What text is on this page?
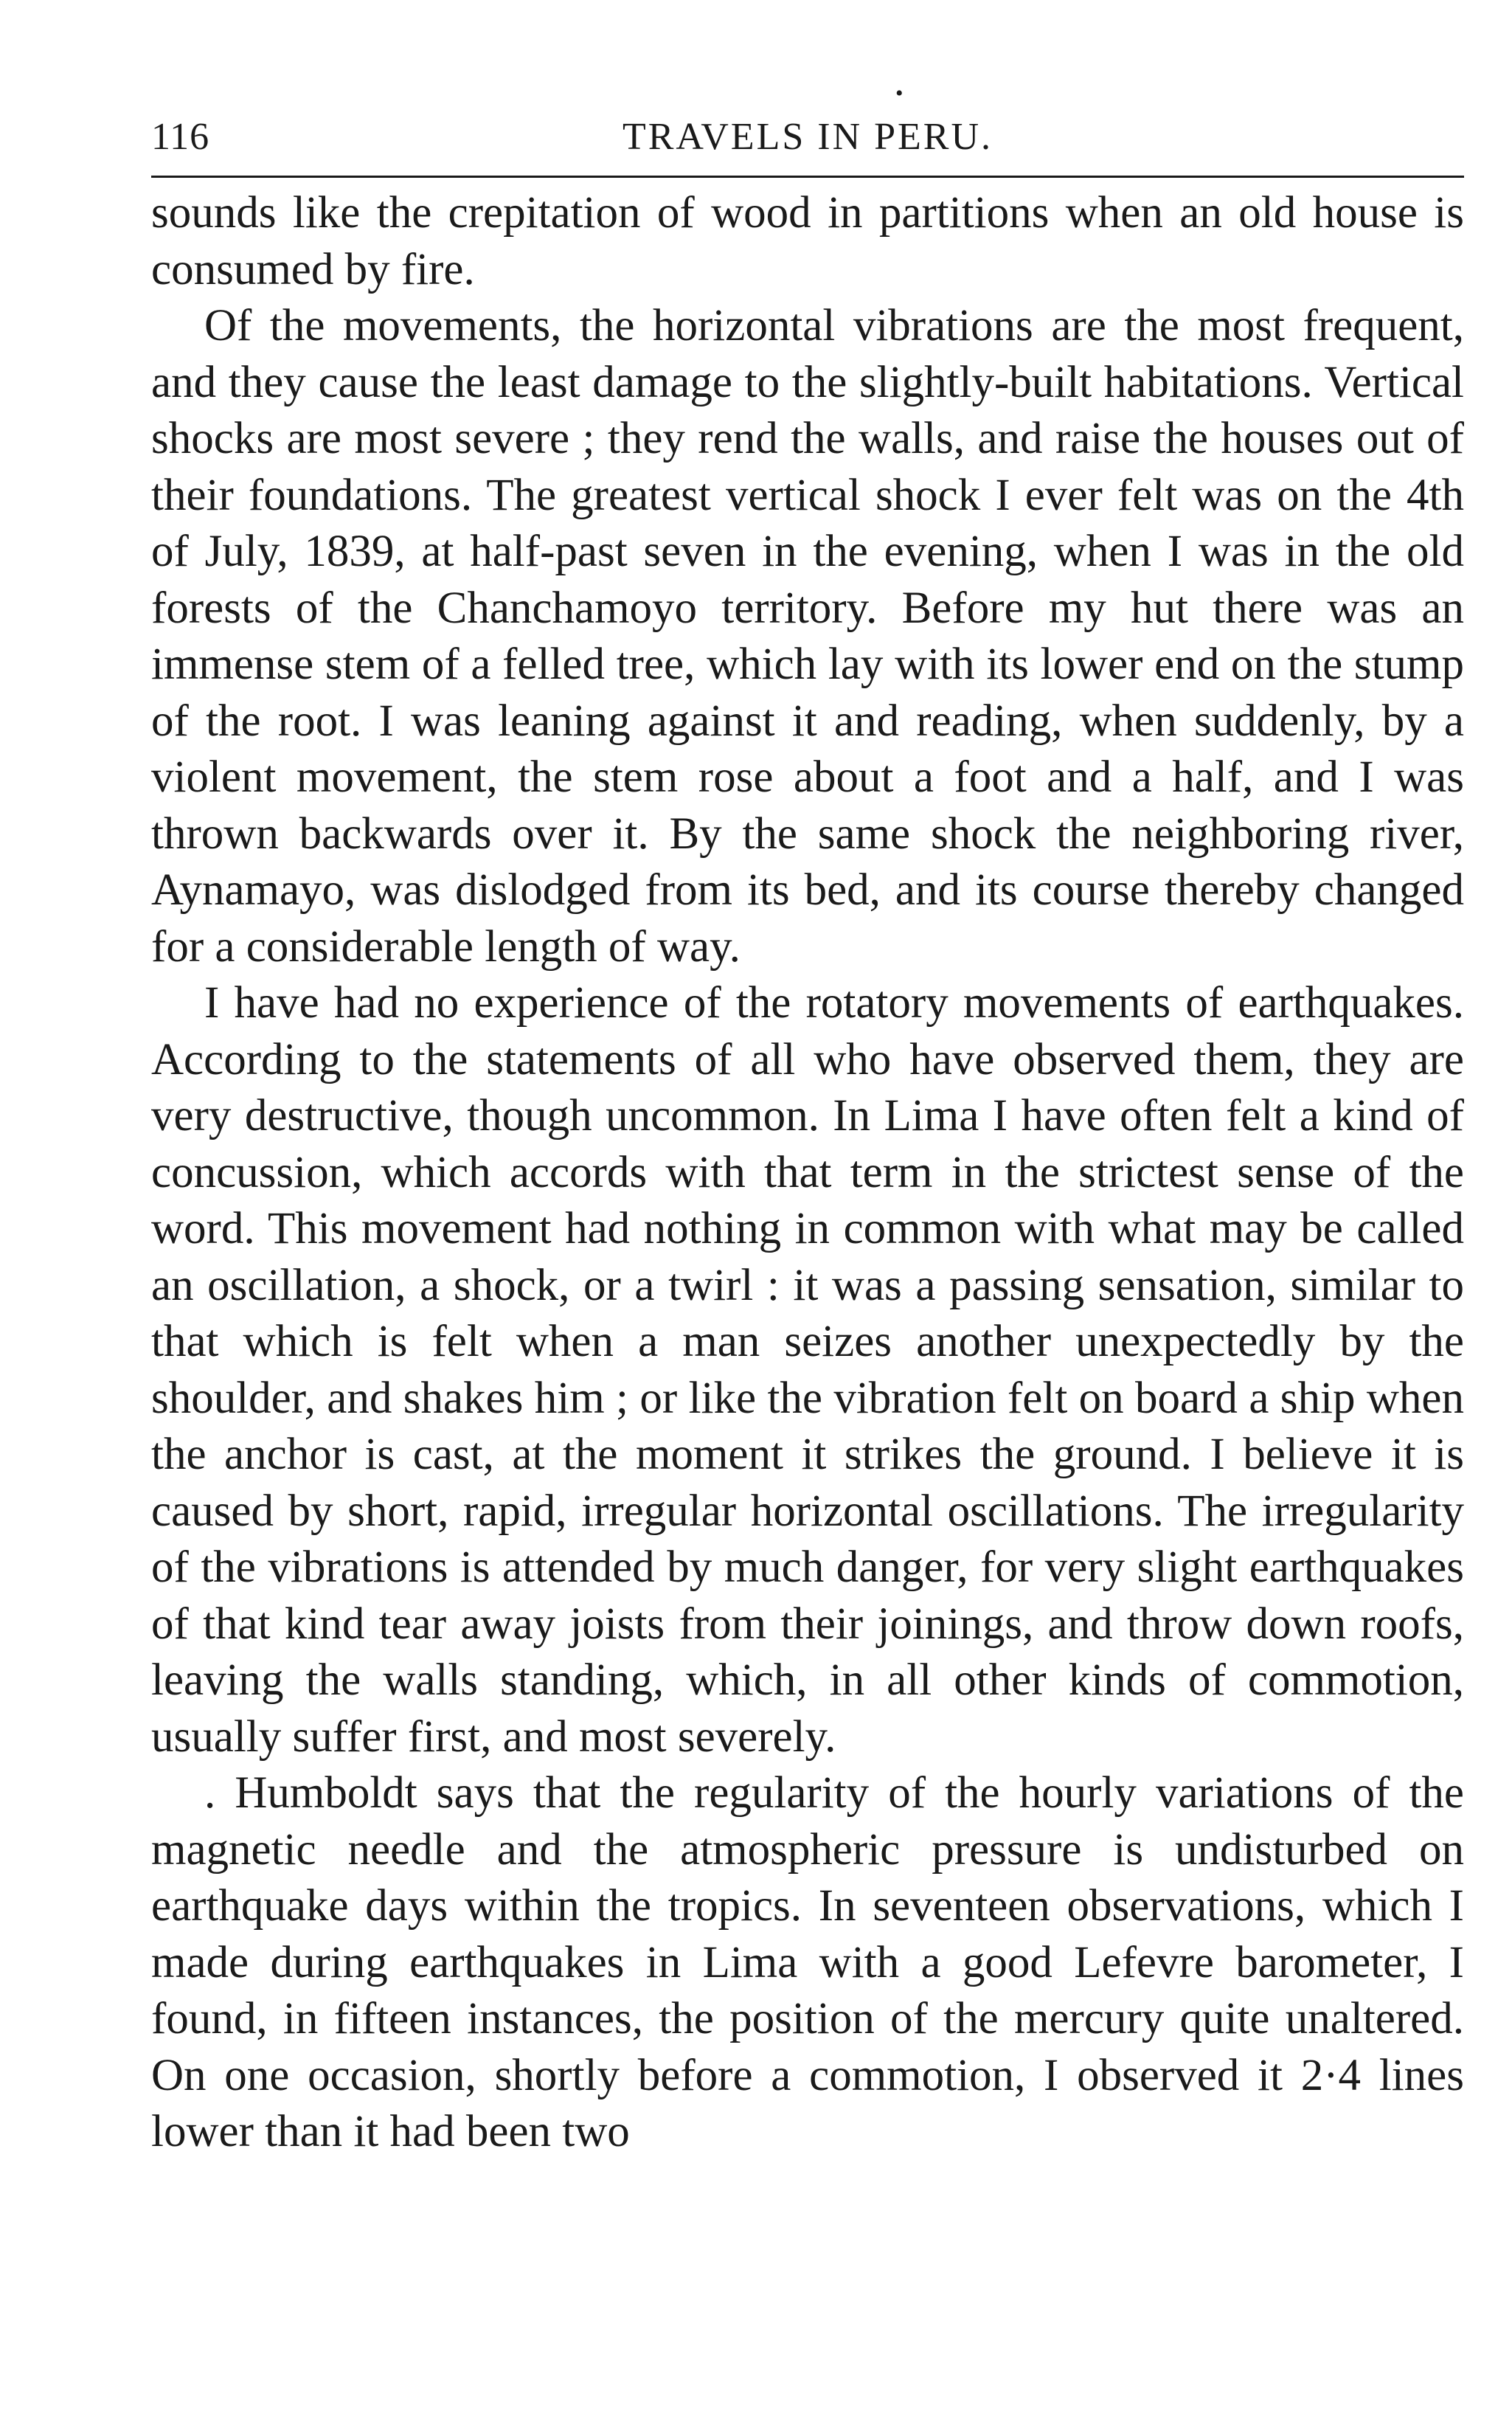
•
116	TRAVELS IN PERU.

sounds like the crepitation of wood in partitions when an old house is consumed by fire.

Of the movements, the horizontal vibrations are the most frequent, and they cause the least damage to the slightly-built habitations. Vertical shocks are most severe ; they rend the walls, and raise the houses out of their foundations. The greatest vertical shock I ever felt was on the 4th of July, 1839, at half-past seven in the evening, when I was in the old forests of the Chanchamoyo territory. Before my hut there was an immense stem of a felled tree, which lay with its lower end on the stump of the root. I was leaning against it and reading, when suddenly, by a violent movement, the stem rose about a foot and a half, and I was thrown backwards over it. By the same shock the neighboring river, Aynamayo, was dislodged from its bed, and its course thereby changed for a considerable length of way.

I have had no experience of the rotatory movements of earthquakes. According to the statements of all who have observed them, they are very destructive, though uncommon. In Lima I have often felt a kind of concussion, which accords with that term in the strictest sense of the word. This movement had nothing in common with what may be called an oscillation, a shock, or a twirl : it was a passing sensation, similar to that which is felt when a man seizes another unexpectedly by the shoulder, and shakes him ; or like the vibration felt on board a ship when the anchor is cast, at the moment it strikes the ground. I believe it is caused by short, rapid, irregular horizontal oscillations. The irregularity of the vibrations is attended by much danger, for very slight earthquakes of that kind tear away joists from their joinings, and throw down roofs, leaving the walls standing, which, in all other kinds of commotion, usually suffer first, and most severely.

. Humboldt says that the regularity of the hourly variations of the magnetic needle and the atmospheric pressure is undisturbed on earthquake days within the tropics. In seventeen observations, which I made during earthquakes in Lima with a good Lefevre barometer, I found, in fifteen instances, the position of the mercury quite unaltered. On one occasion, shortly before a commotion, I observed it 2·4 lines lower than it had been two
